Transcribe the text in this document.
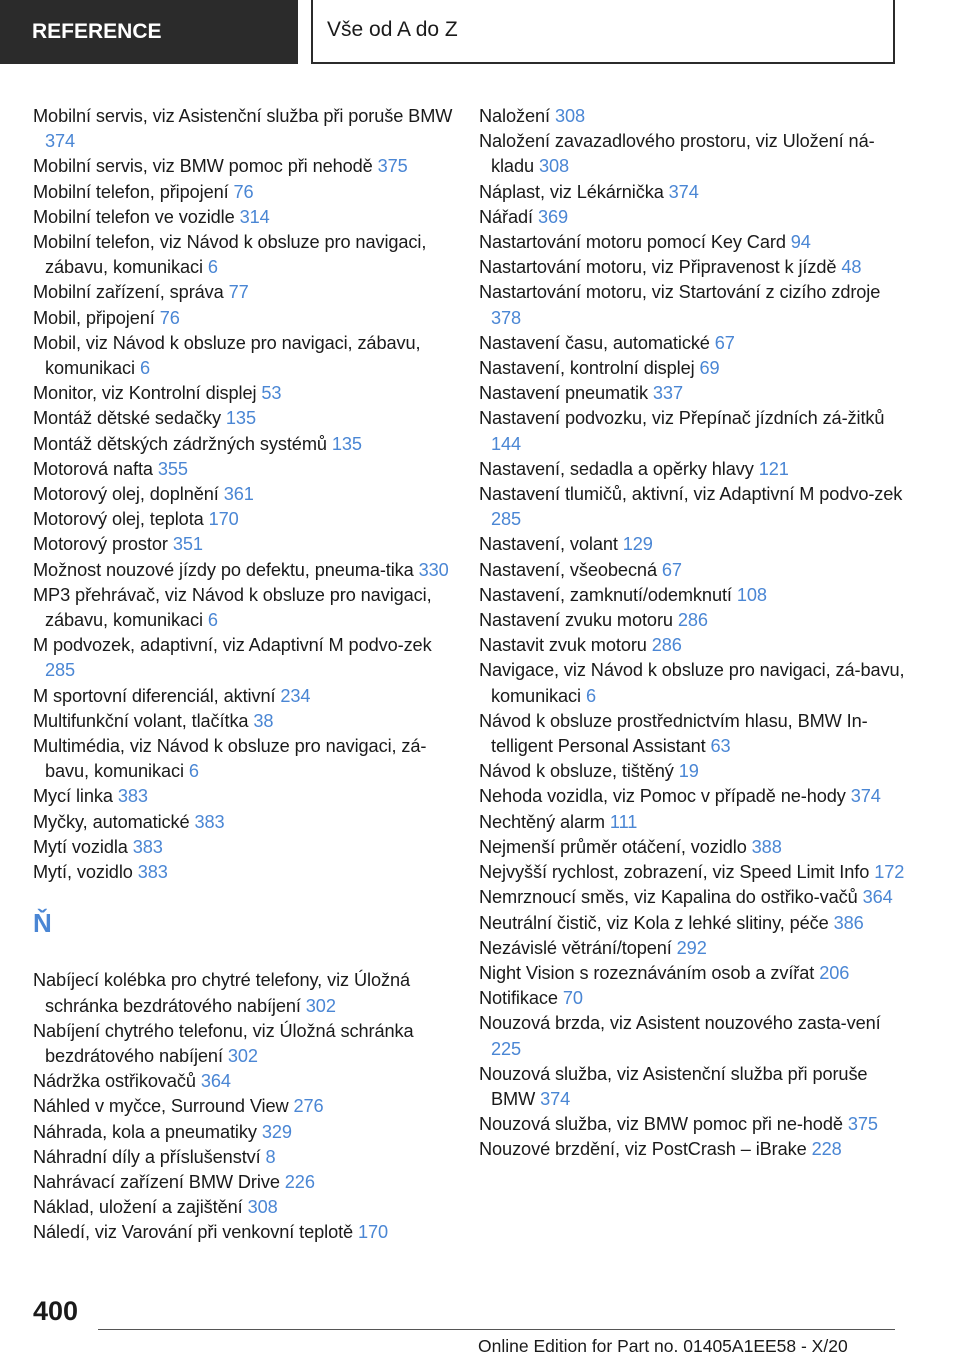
REFERENCE	Vše od A do Z
Mobilní servis, viz Asistenční služba při poruše BMW 374
Mobilní servis, viz BMW pomoc při nehodě 375
Mobilní telefon, připojení 76
Mobilní telefon ve vozidle 314
Mobilní telefon, viz Návod k obsluze pro navigaci, zábavu, komunikaci 6
Mobilní zařízení, správa 77
Mobil, připojení 76
Mobil, viz Návod k obsluze pro navigaci, zábavu, komunikaci 6
Monitor, viz Kontrolní displej 53
Montáž dětské sedačky 135
Montáž dětských zádržných systémů 135
Motorová nafta 355
Motorový olej, doplnění 361
Motorový olej, teplota 170
Motorový prostor 351
Možnost nouzové jízdy po defektu, pneuma‐tika 330
MP3 přehrávač, viz Návod k obsluze pro navigaci, zábavu, komunikaci 6
M podvozek, adaptivní, viz Adaptivní M podvo‐zek 285
M sportovní diferenciál, aktivní 234
Multifunkční volant, tlačítka 38
Multimédia, viz Návod k obsluze pro navigaci, zá‐bavu, komunikaci 6
Mycí linka 383
Myčky, automatické 383
Mytí vozidla 383
Mytí, vozidlo 383
Ň
Nabíjecí kolébka pro chytré telefony, viz Úložná schránka bezdrátového nabíjení 302
Nabíjení chytrého telefonu, viz Úložná schránka bezdrátového nabíjení 302
Nádržka ostřikovačů 364
Náhled v myčce, Surround View 276
Náhrada, kola a pneumatiky 329
Náhradní díly a příslušenství 8
Nahrávací zařízení BMW Drive 226
Náklad, uložení a zajištění 308
Náledí, viz Varování při venkovní teplotě 170
Naložení 308
Naložení zavazadlového prostoru, viz Uložení ná‐kladu 308
Náplast, viz Lékárnička 374
Nářadí 369
Nastartování motoru pomocí Key Card 94
Nastartování motoru, viz Připravenost k jízdě 48
Nastartování motoru, viz Startování z cizího zdroje 378
Nastavení času, automatické 67
Nastavení, kontrolní displej 69
Nastavení pneumatik 337
Nastavení podvozku, viz Přepínač jízdních zá‐žitků 144
Nastavení, sedadla a opěrky hlavy 121
Nastavení tlumičů, aktivní, viz Adaptivní M podvo‐zek 285
Nastavení, volant 129
Nastavení, všeobecná 67
Nastavení, zamknutí/odemknutí 108
Nastavení zvuku motoru 286
Nastavit zvuk motoru 286
Navigace, viz Návod k obsluze pro navigaci, zá‐bavu, komunikaci 6
Návod k obsluze prostřednictvím hlasu, BMW In‐telligent Personal Assistant 63
Návod k obsluze, tištěný 19
Nehoda vozidla, viz Pomoc v případě ne‐hody 374
Nechtěný alarm 111
Nejmenší průměr otáčení, vozidlo 388
Nejvyšší rychlost, zobrazení, viz Speed Limit Info 172
Nemrznoucí směs, viz Kapalina do ostřiko‐vačů 364
Neutrální čistič, viz Kola z lehké slitiny, péče 386
Nezávislé větrání/topení 292
Night Vision s rozeznáváním osob a zvířat 206
Notifikace 70
Nouzová brzda, viz Asistent nouzového zasta‐vení 225
Nouzová služba, viz Asistenční služba při poruše BMW 374
Nouzová služba, viz BMW pomoc při ne‐hodě 375
Nouzové brzdění, viz PostCrash – iBrake 228
400
Online Edition for Part no. 01405A1EE58 - X/20
